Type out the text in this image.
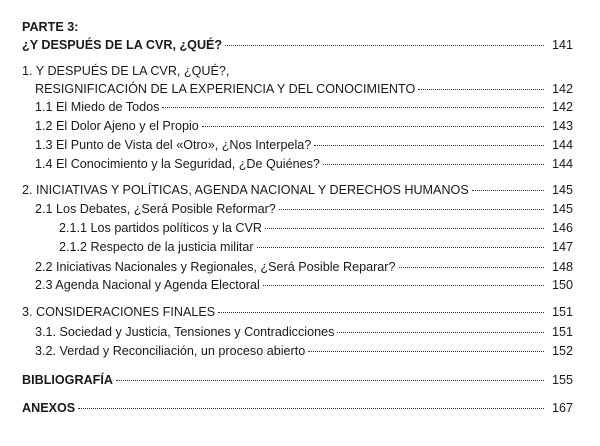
PARTE 3:
¿Y DESPUÉS DE LA CVR, ¿QUÉ?	141
1. Y DESPUÉS DE LA CVR, ¿QUÉ?,
RESIGNIFICACIÓN DE LA EXPERIENCIA Y DEL CONOCIMIENTO	142
1.1 El Miedo de Todos	142
1.2 El Dolor Ajeno y el Propio	143
1.3 El Punto de Vista del «Otro», ¿Nos Interpela?	144
1.4 El Conocimiento y la Seguridad, ¿De Quiénes?	144
2. INICIATIVAS Y POLÍTICAS, AGENDA NACIONAL Y DERECHOS HUMANOS	145
2.1 Los Debates, ¿Será Posible Reformar?	145
2.1.1 Los partidos políticos y la CVR	146
2.1.2 Respecto de la justicia militar	147
2.2 Iniciativas Nacionales y Regionales, ¿Será Posible Reparar?	148
2.3 Agenda Nacional y Agenda Electoral	150
3. CONSIDERACIONES FINALES	151
3.1. Sociedad y Justicia, Tensiones y Contradicciones	151
3.2. Verdad y Reconciliación, un proceso abierto	152
BIBLIOGRAFÍA	155
ANEXOS	167
